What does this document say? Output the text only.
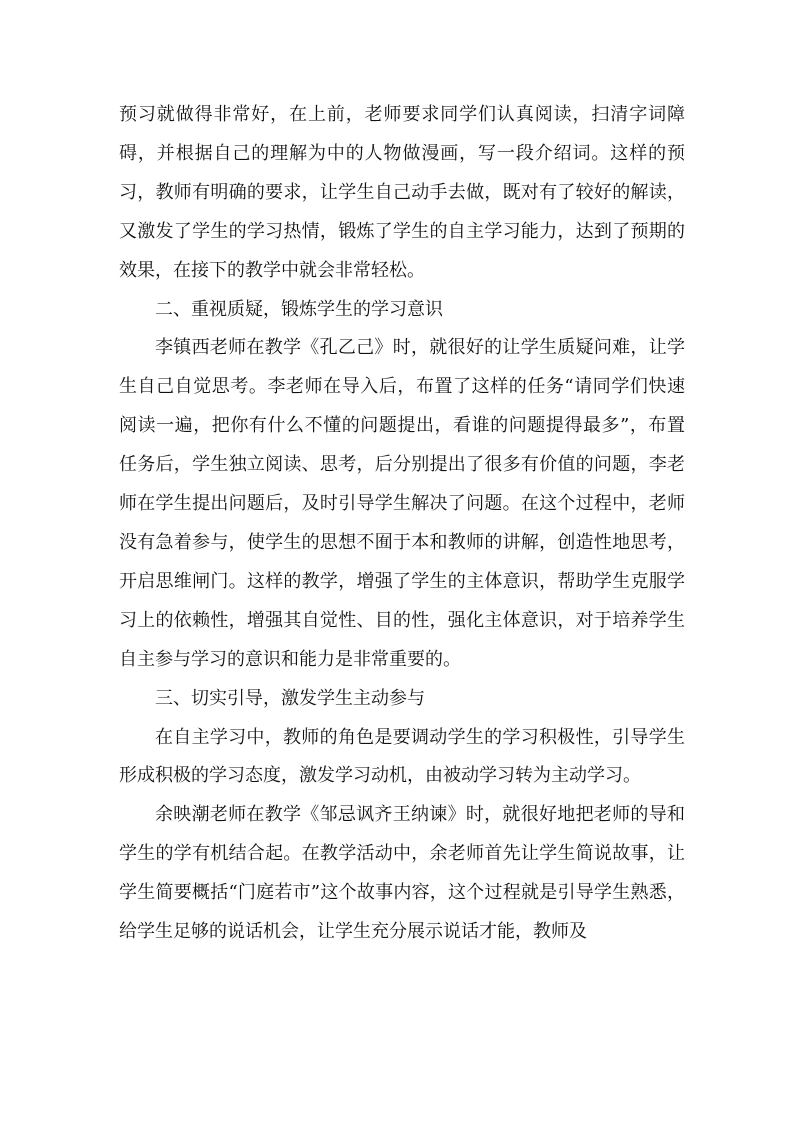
预习就做得非常好，在上前，老师要求同学们认真阅读，扫清字词障碍，并根据自己的理解为中的人物做漫画，写一段介绍词。这样的预习，教师有明确的要求，让学生自己动手去做，既对有了较好的解读，又激发了学生的学习热情，锻炼了学生的自主学习能力，达到了预期的效果，在接下的教学中就会非常轻松。

二、重视质疑，锻炼学生的学习意识

李镇西老师在教学《孔乙己》时，就很好的让学生质疑问难，让学生自己自觉思考。李老师在导入后，布置了这样的任务“请同学们快速阅读一遍，把你有什么不懂的问题提出，看谁的问题提得最多”，布置任务后，学生独立阅读、思考，后分别提出了很多有价值的问题，李老师在学生提出问题后，及时引导学生解决了问题。在这个过程中，老师没有急着参与，使学生的思想不囿于本和教师的讲解，创造性地思考，开启思维闸门。这样的教学，增强了学生的主体意识，帮助学生克服学习上的依赖性，增强其自觉性、目的性，强化主体意识，对于培养学生自主参与学习的意识和能力是非常重要的。

三、切实引导，激发学生主动参与

在自主学习中，教师的角色是要调动学生的学习积极性，引导学生形成积极的学习态度，激发学习动机，由被动学习转为主动学习。

余映潮老师在教学《邹忌讽齐王纳谏》时，就很好地把老师的导和学生的学有机结合起。在教学活动中，余老师首先让学生简说故事，让学生简要概括“门庭若市”这个故事内容，这个过程就是引导学生熟悉，给学生足够的说话机会，让学生充分展示说话才能，教师及
